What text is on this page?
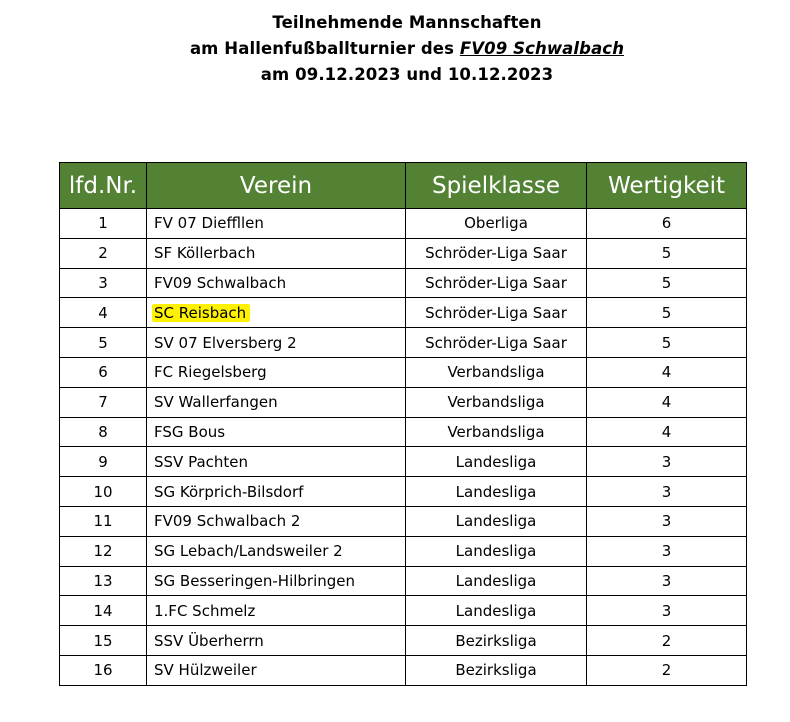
Teilnehmende Mannschaften
am Hallenfußballturnier des FV09 Schwalbach
am 09.12.2023 und 10.12.2023
lfd.Nr.	Verein	Spielklasse	Wertigkeit
1	FV 07 Dieffllen	Oberliga	6
2	SF Köllerbach	Schröder-Liga Saar	5
3	FV09 Schwalbach	Schröder-Liga Saar	5
4	SC Reisbach	Schröder-Liga Saar	5
5	SV 07 Elversberg 2	Schröder-Liga Saar	5
6	FC Riegelsberg	Verbandsliga	4
7	SV Wallerfangen	Verbandsliga	4
8	FSG Bous	Verbandsliga	4
9	SSV Pachten	Landesliga	3
10	SG Körprich-Bilsdorf	Landesliga	3
11	FV09 Schwalbach 2	Landesliga	3
12	SG Lebach/Landsweiler 2	Landesliga	3
13	SG Besseringen-Hilbringen	Landesliga	3
14	1.FC Schmelz	Landesliga	3
15	SSV Überherrn	Bezirksliga	2
16	SV Hülzweiler	Bezirksliga	2
